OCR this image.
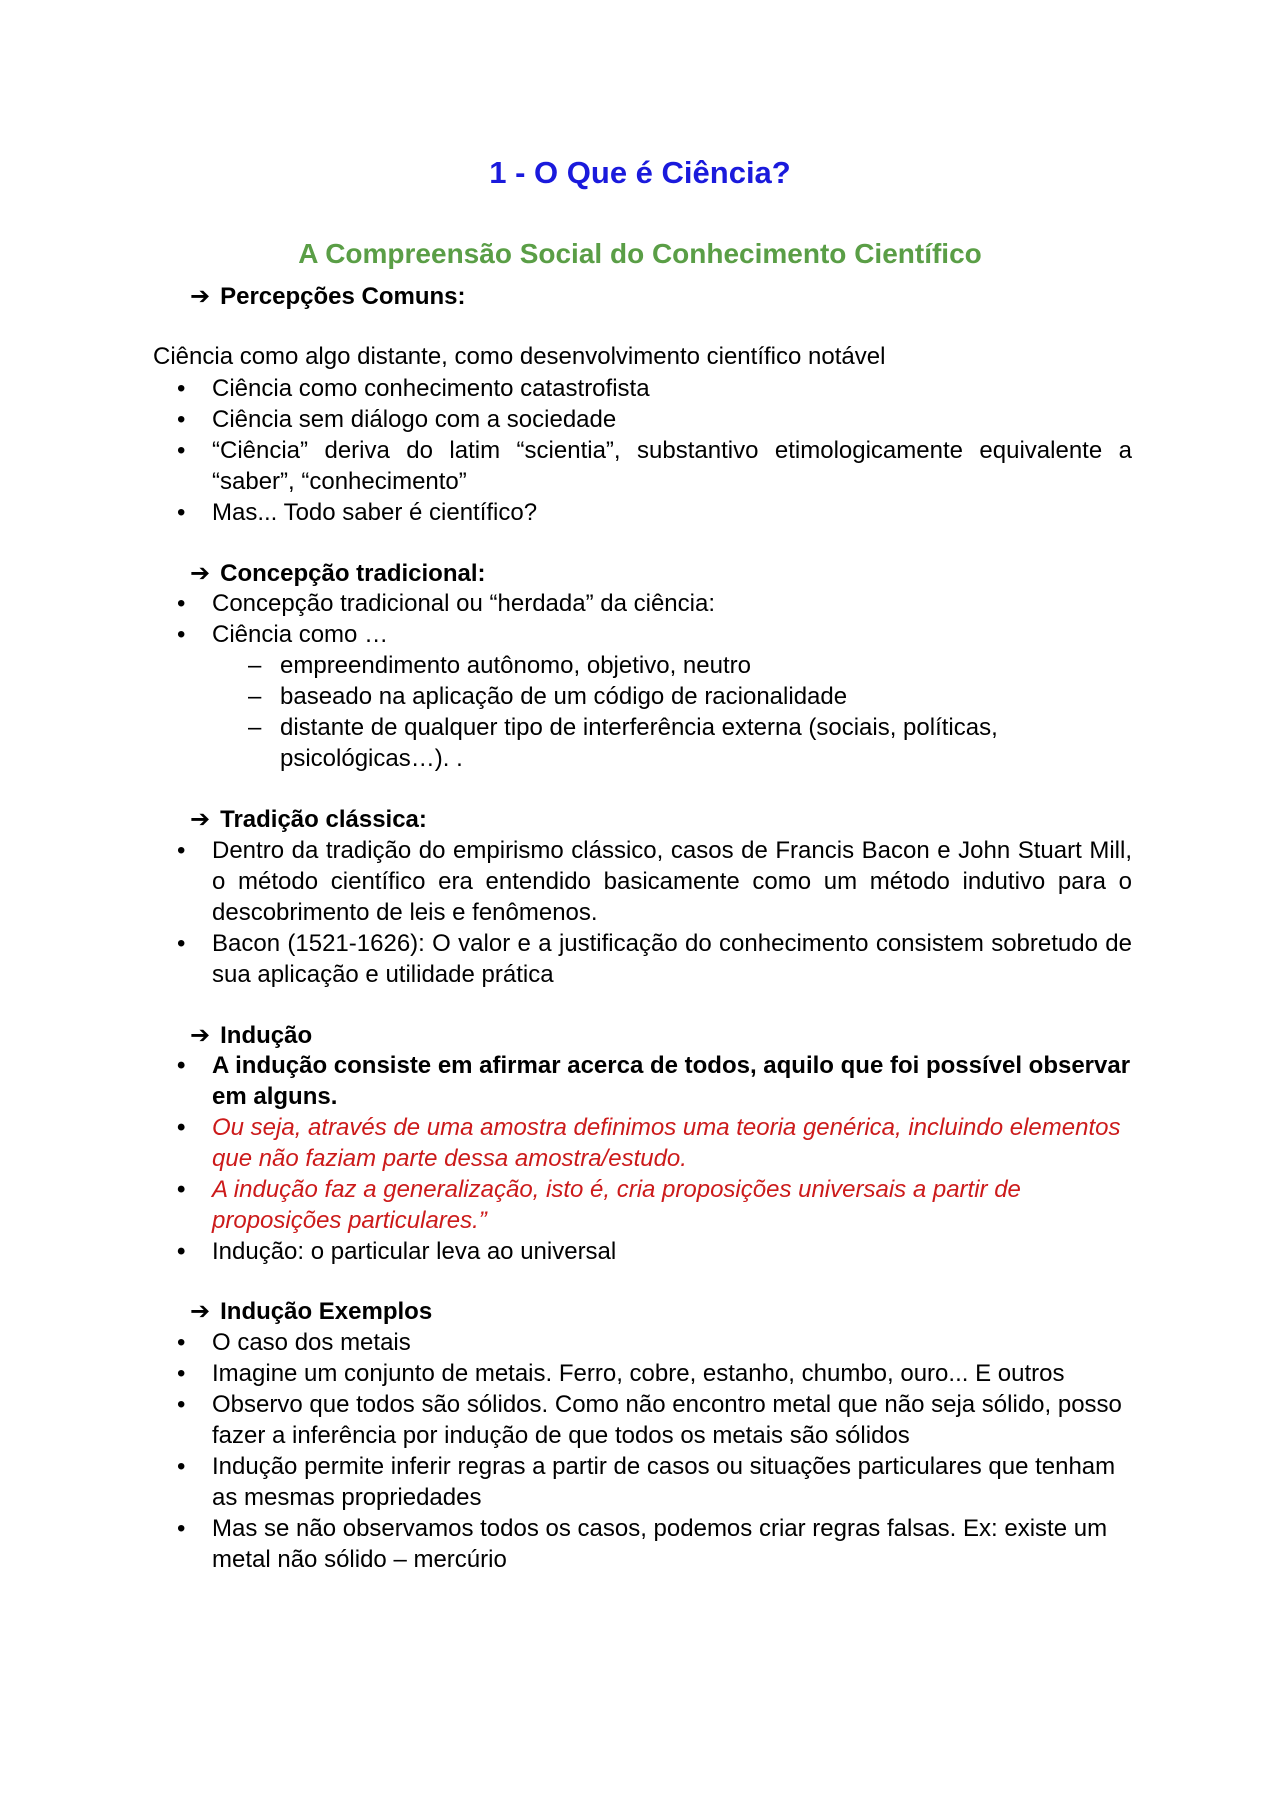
1 - O Que é Ciência?
A Compreensão Social do Conhecimento Científico
➔ Percepções Comuns:
Ciência como algo distante, como desenvolvimento científico notável
• Ciência como conhecimento catastrofista
• Ciência sem diálogo com a sociedade
• “Ciência” deriva do latim “scientia”, substantivo etimologicamente equivalente a “saber”, “conhecimento”
• Mas... Todo saber é científico?
➔ Concepção tradicional:
• Concepção tradicional ou “herdada” da ciência:
• Ciência como …
– empreendimento autônomo, objetivo, neutro
– baseado na aplicação de um código de racionalidade
– distante de qualquer tipo de interferência externa (sociais, políticas, psicológicas…). .
➔ Tradição clássica:
• Dentro da tradição do empirismo clássico, casos de Francis Bacon e John Stuart Mill, o método científico era entendido basicamente como um método indutivo para o descobrimento de leis e fenômenos.
• Bacon (1521-1626): O valor e a justificação do conhecimento consistem sobretudo de sua aplicação e utilidade prática
➔ Indução
• A indução consiste em afirmar acerca de todos, aquilo que foi possível observar em alguns.
• Ou seja, através de uma amostra definimos uma teoria genérica, incluindo elementos que não faziam parte dessa amostra/estudo.
• A indução faz a generalização, isto é, cria proposições universais a partir de proposições particulares.”
• Indução: o particular leva ao universal
➔ Indução Exemplos
• O caso dos metais
• Imagine um conjunto de metais. Ferro, cobre, estanho, chumbo, ouro... E outros
• Observo que todos são sólidos. Como não encontro metal que não seja sólido, posso fazer a inferência por indução de que todos os metais são sólidos
• Indução permite inferir regras a partir de casos ou situações particulares que tenham as mesmas propriedades
• Mas se não observamos todos os casos, podemos criar regras falsas. Ex: existe um metal não sólido – mercúrio
